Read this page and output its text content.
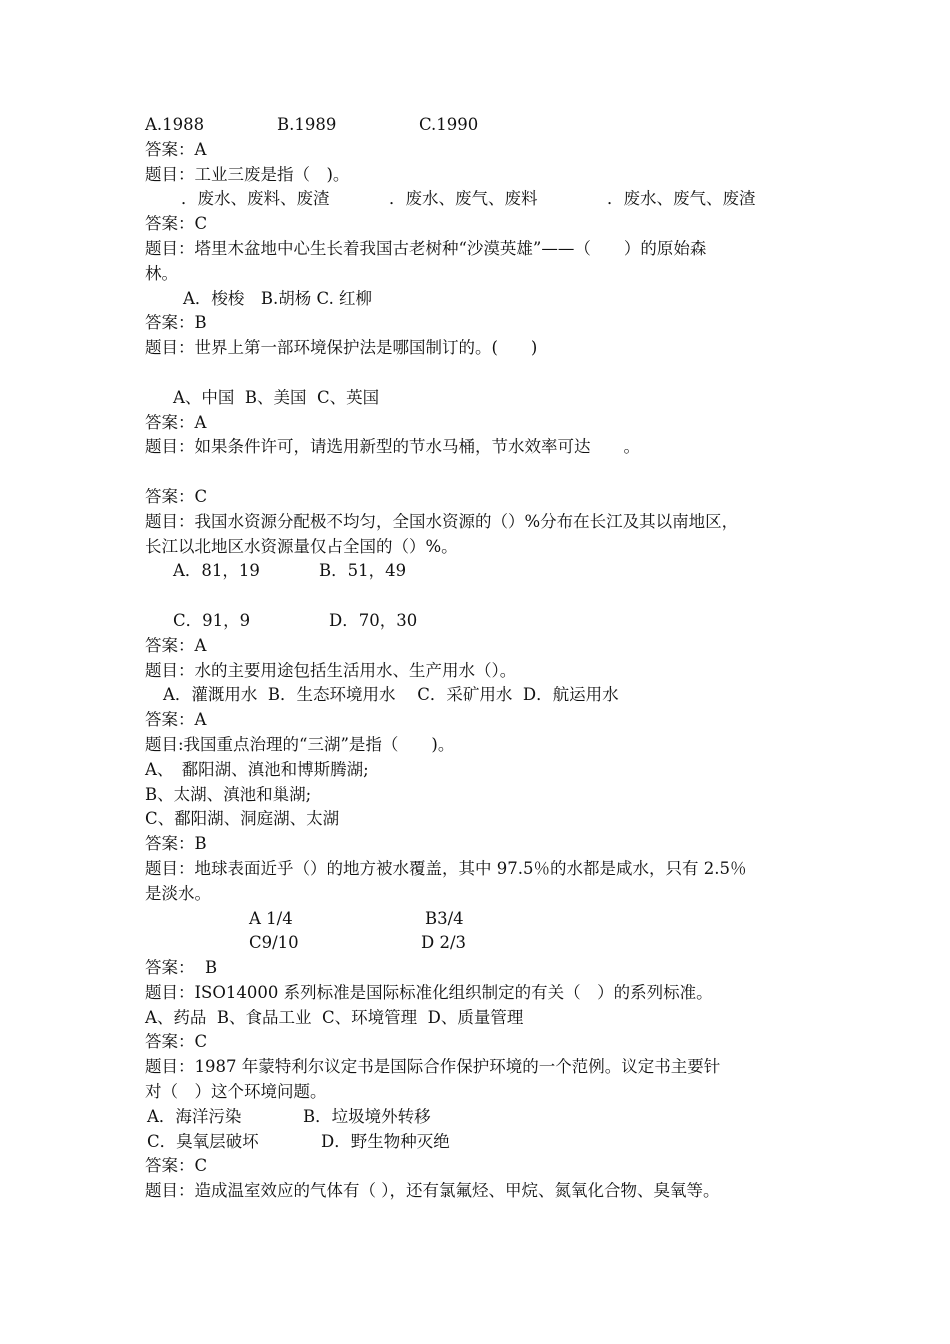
A.1988

	B.1989

	C.1990

答案：A
题目：工业三废是指（　)。

．废水、废料、废渣

	．废水、废气、废料

	．废水、废气、废渣

答案：C
题目：塔里木盆地中心生长着我国古老树种“沙漠英雄”——（　　）的原始森
林。
A．梭梭　B.胡杨 C. 红柳
答案：B
题目：世界上第一部环境保护法是哪国制订的。(　　)
A、中国  B、美国  C、英国
答案：A
题目：如果条件许可，请选用新型的节水马桶，节水效率可达　　。
答案：C
题目：我国水资源分配极不均匀，全国水资源的（）%分布在长江及其以南地区，
长江以北地区水资源量仅占全国的（）%。

A．81，19

	B．51，49

C．91，9

	D．70，30

答案：A
题目：水的主要用途包括生活用水、生产用水（）。
A．灌溉用水  B．生态环境用水　 C．采矿用水  D．航运用水
答案：A
题目:我国重点治理的“三湖”是指（　　)。
A、　鄱阳湖、滇池和博斯腾湖;
B、太湖、滇池和巢湖;
C、鄱阳湖、洞庭湖、太湖
答案：B
题目：地球表面近乎（）的地方被水覆盖，其中 97.5％的水都是咸水，只有 2.5％
是淡水。

A 1/4

	B3/4

C9/10

	D 2/3

答案：  B
题目：ISO14000 系列标准是国际标准化组织制定的有关（　）的系列标准。
A、药品  B、食品工业  C、环境管理  D、质量管理
答案：C
题目：1987 年蒙特利尔议定书是国际合作保护环境的一个范例。议定书主要针
对（　）这个环境问题。

A．海洋污染

	B．垃圾境外转移

C．臭氧层破坏

	D．野生物种灭绝

答案：C
题目：造成温室效应的气体有（ ），还有氯氟烃、甲烷、氮氧化合物、臭氧等。
